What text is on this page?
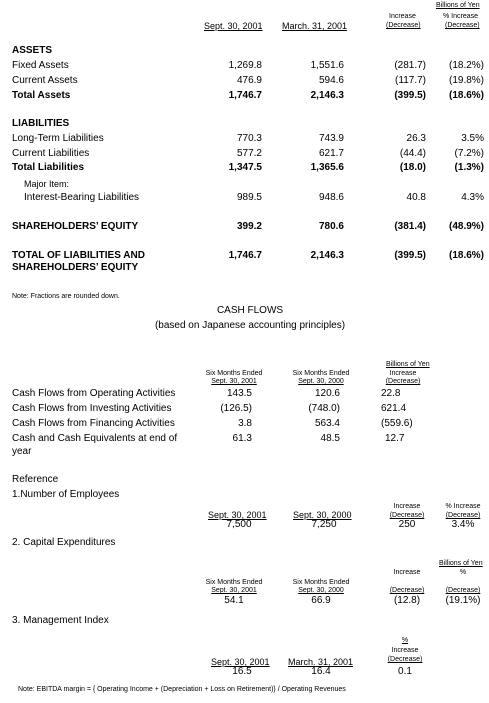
Billions of Yen
Increase	% Increase
Sept. 30, 2001 March. 31, 2001	(Decrease)	(Decrease)
ASSETS
Fixed Assets	1,269.8	1,551.6	(281.7)	(18.2%)
Current Assets	476.9	594.6	(117.7)	(19.8%)
Total Assets	1,746.7	2,146.3	(399.5)	(18.6%)
LIABILITIES
Long-Term Liabilities	770.3	743.9	26.3	3.5%
Current Liabilities	577.2	621.7	(44.4)	(7.2%)
Total Liabilities	1,347.5	1,365.6	(18.0)	(1.3%)
Major Item:
Interest-Bearing Liabilities	989.5	948.6	40.8	4.3%
SHAREHOLDERS’ EQUITY	399.2	780.6	(381.4)	(48.9%)
TOTAL OF LIABILITIES AND
SHAREHOLDERS’ EQUITY
1,746.7	2,146.3	(399.5)	(18.6%)
Note: Fractions are rounded down.
CASH FLOWS
(based on Japanese accounting principles)
Billions of Yen
Six Months Ended
Sept. 30, 2001
Six Months Ended
Sept. 30, 2000
Increase
(Decrease)
Cash Flows from Operating Activities	143.5	120.6	22.8
Cash Flows from Investing Activities	(126.5)	(748.0)	621.4
Cash Flows from Financing Activities	3.8	563.4	(559.6)
Cash and Cash Equivalents at end of
year
61.3	48.5	12.7
Reference
1.Number of Employees
Increase
(Decrease)
% Increase
(Decrease)
Sept. 30, 2001	Sept. 30, 2000
7,500	7,250	250	3.4%
2. Capital Expenditures
Billions of Yen
%
Increase
Six Months Ended	Six Months Ended
Sept. 30, 2001	Sept. 30, 2000	(Decrease)	(Decrease)
54.1	66.9	(12.8)	(19.1%)
3. Management Index
%
Increase
(Decrease)
Sept. 30, 2001 March. 31, 2001
16.5	16.4	0.1
Note: EBITDA margin = { Operating Income + (Depreciation + Loss on Retirement)} / Operating Revenues
